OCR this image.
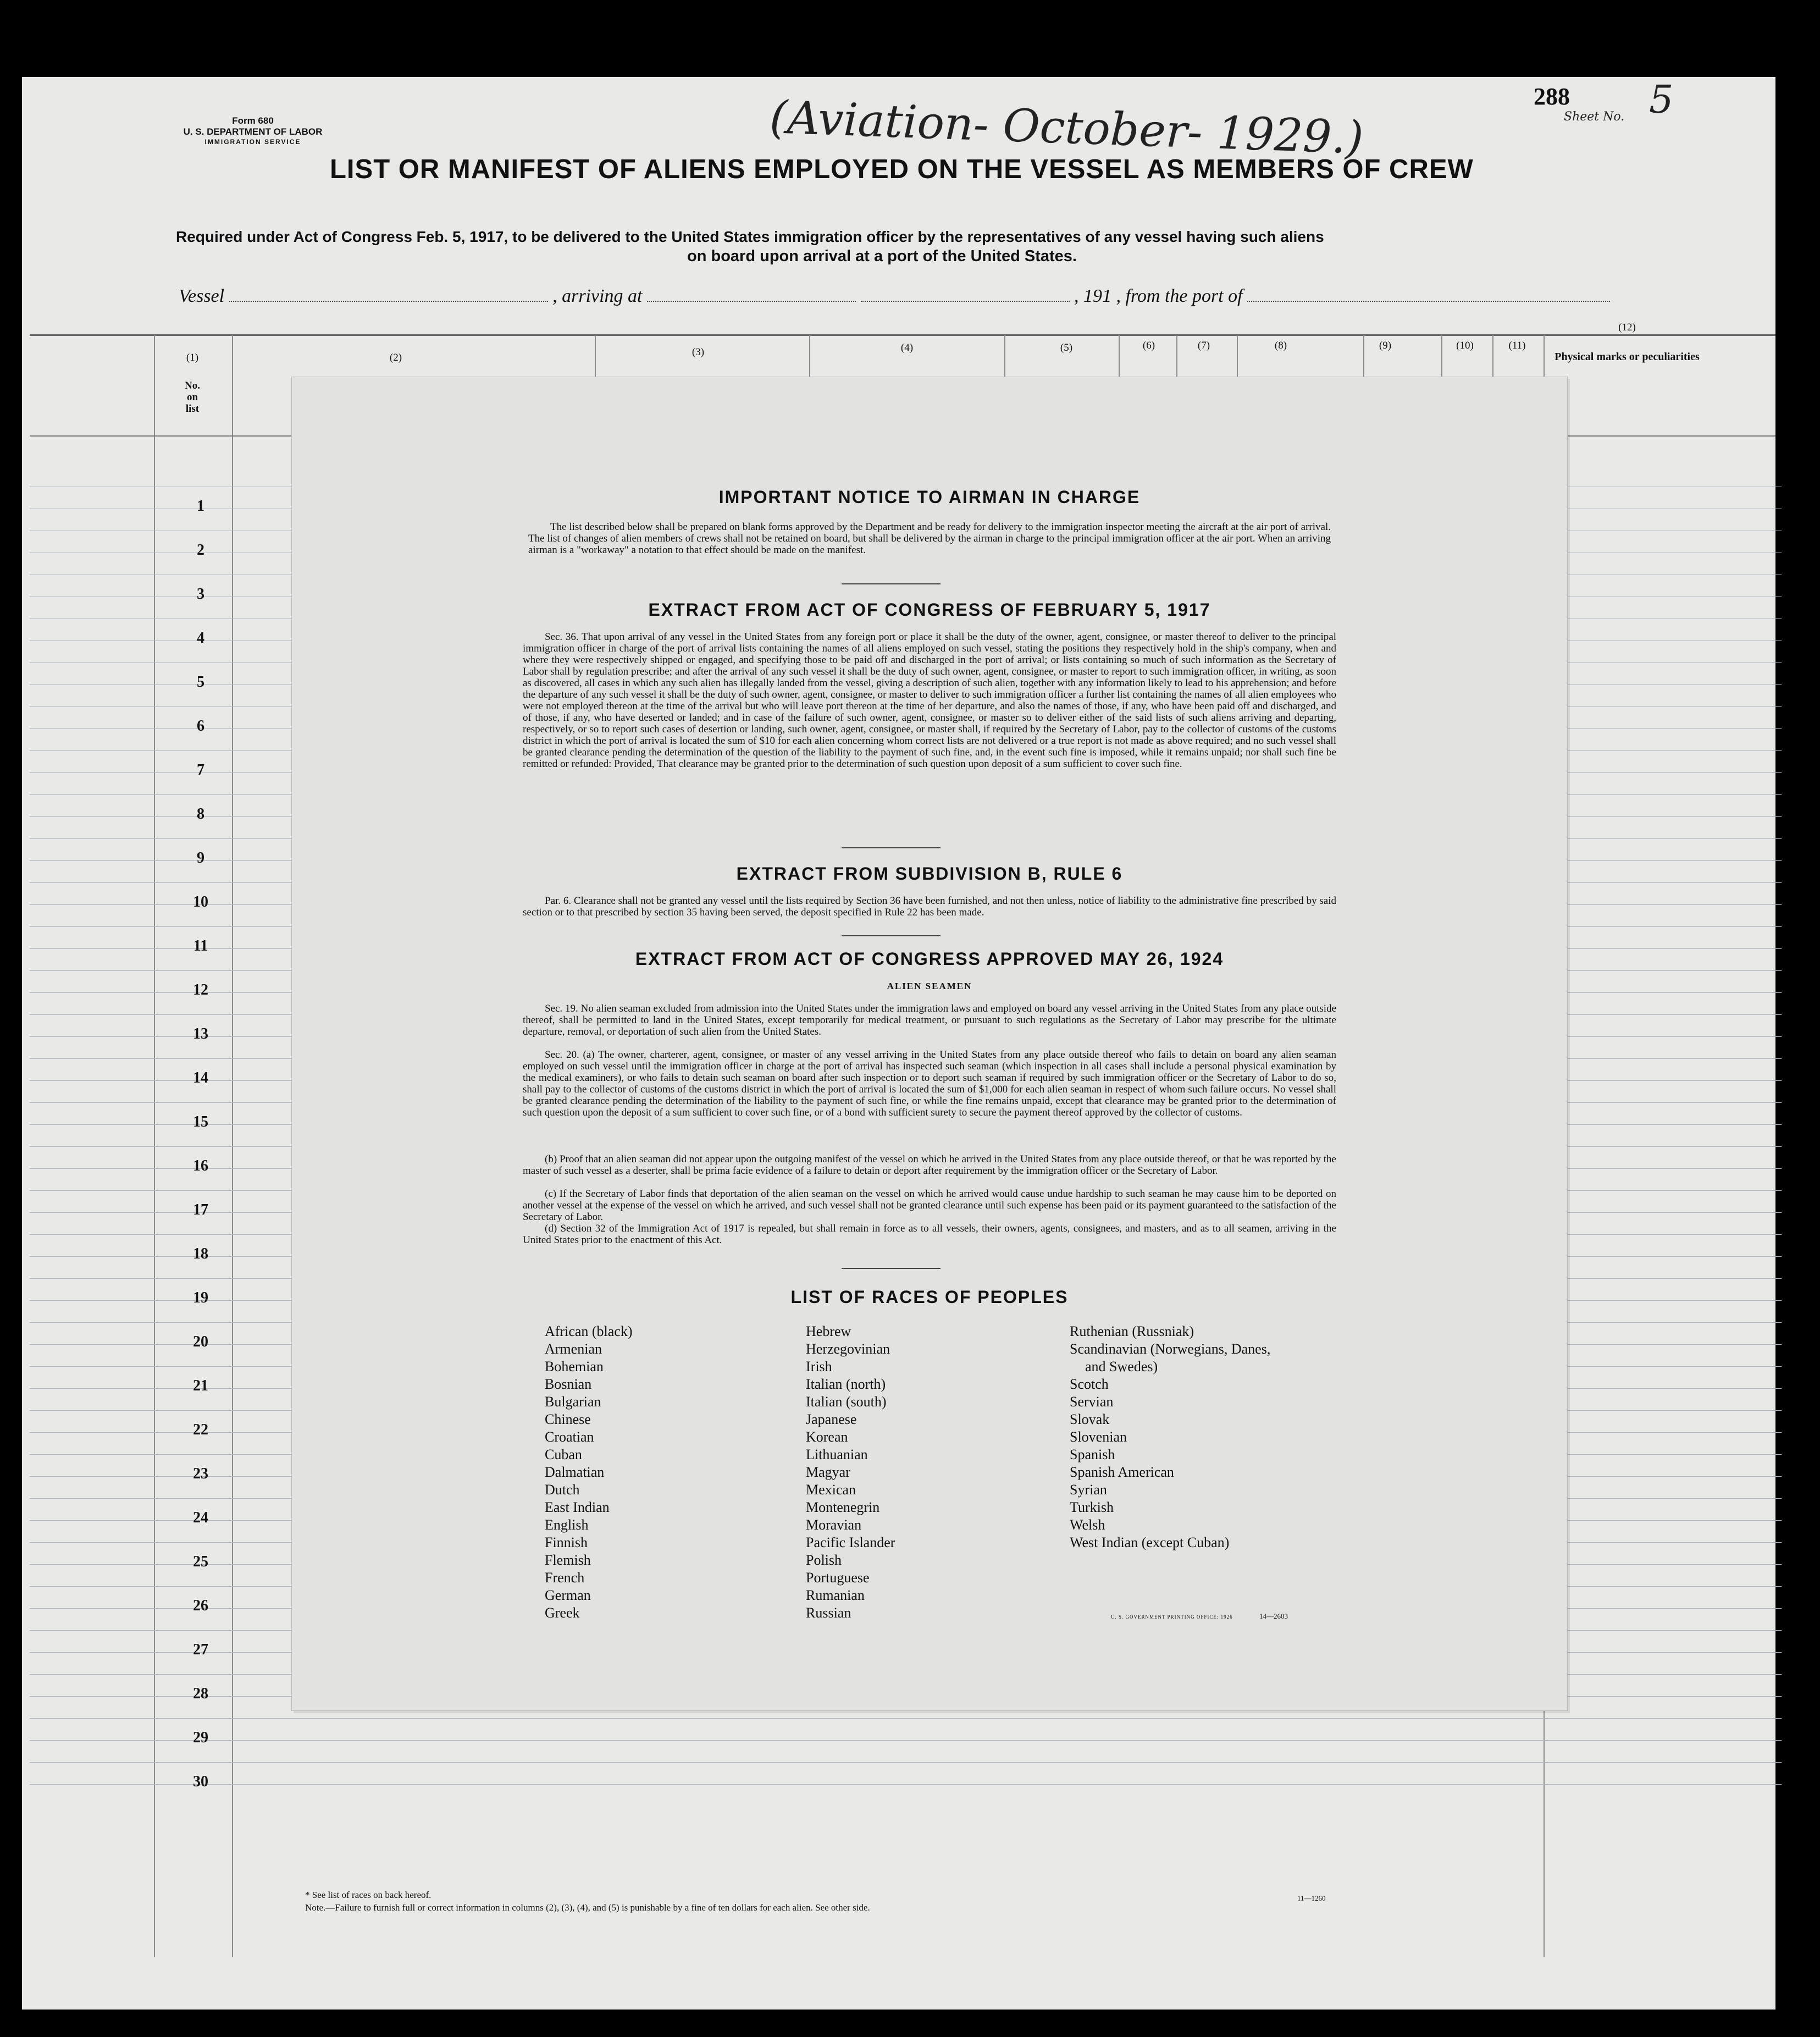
(Aviation- October- 1929.)	288
Sheet No. 5
Form 680
U. S. DEPARTMENT OF LABOR
IMMIGRATION SERVICE
LIST OR MANIFEST OF ALIENS EMPLOYED ON THE VESSEL AS MEMBERS OF CREW
Required under Act of Congress Feb. 5, 1917, to be delivered to the United States immigration officer by the representatives of any vessel having such aliens
on board upon arrival at a port of the United States.
Vessel	, arriving at	, 191 , from the port of
(1)
No. on list
(2)	(3)	(4)	(5)	(6)	(7)	(8)	(9)	(10)	(11)
(12)
Physical marks or peculiarities
1
2
3
4
5
6
7
8
9
10
11
12
13
14
15
16
17
18
19
20
21
22
23
24
25
26
27
28
29
30
IMPORTANT NOTICE TO AIRMAN IN CHARGE
The list described below shall be prepared on blank forms approved by the Department and be ready for delivery to the immigration inspector meeting the aircraft at the air port of arrival. The list of changes of alien members of crews shall not be retained on board, but shall be delivered by the airman in charge to the principal immigration officer at the air port. When an arriving airman is a "workaway" a notation to that effect should be made on the manifest.
EXTRACT FROM ACT OF CONGRESS OF FEBRUARY 5, 1917
Sec. 36. That upon arrival of any vessel in the United States from any foreign port or place it shall be the duty of the owner, agent, consignee, or master thereof to deliver to the principal immigration officer in charge of the port of arrival lists containing the names of all aliens employed on such vessel, stating the positions they respectively hold in the ship's company, when and where they were respectively shipped or engaged, and specifying those to be paid off and discharged in the port of arrival; or lists containing so much of such information as the Secretary of Labor shall by regulation prescribe; and after the arrival of any such vessel it shall be the duty of such owner, agent, consignee, or master to report to such immigration officer, in writing, as soon as discovered, all cases in which any such alien has illegally landed from the vessel, giving a description of such alien, together with any information likely to lead to his apprehension; and before the departure of any such vessel it shall be the duty of such owner, agent, consignee, or master to deliver to such immigration officer a further list containing the names of all alien employees who were not employed thereon at the time of the arrival but who will leave port thereon at the time of her departure, and also the names of those, if any, who have been paid off and discharged, and of those, if any, who have deserted or landed; and in case of the failure of such owner, agent, consignee, or master so to deliver either of the said lists of such aliens arriving and departing, respectively, or so to report such cases of desertion or landing, such owner, agent, consignee, or master shall, if required by the Secretary of Labor, pay to the collector of customs of the customs district in which the port of arrival is located the sum of $10 for each alien concerning whom correct lists are not delivered or a true report is not made as above required; and no such vessel shall be granted clearance pending the determination of the question of the liability to the payment of such fine, and, in the event such fine is imposed, while it remains unpaid; nor shall such fine be remitted or refunded: Provided, That clearance may be granted prior to the determination of such question upon deposit of a sum sufficient to cover such fine.
EXTRACT FROM SUBDIVISION B, RULE 6
Par. 6. Clearance shall not be granted any vessel until the lists required by Section 36 have been furnished, and not then unless, notice of liability to the administrative fine prescribed by said section or to that prescribed by section 35 having been served, the deposit specified in Rule 22 has been made.
EXTRACT FROM ACT OF CONGRESS APPROVED MAY 26, 1924
ALIEN SEAMEN
Sec. 19. No alien seaman excluded from admission into the United States under the immigration laws and employed on board any vessel arriving in the United States from any place outside thereof, shall be permitted to land in the United States, except temporarily for medical treatment, or pursuant to such regulations as the Secretary of Labor may prescribe for the ultimate departure, removal, or deportation of such alien from the United States.
Sec. 20. (a) The owner, charterer, agent, consignee, or master of any vessel arriving in the United States from any place outside thereof who fails to detain on board any alien seaman employed on such vessel until the immigration officer in charge at the port of arrival has inspected such seaman (which inspection in all cases shall include a personal physical examination by the medical examiners), or who fails to detain such seaman on board after such inspection or to deport such seaman if required by such immigration officer or the Secretary of Labor to do so, shall pay to the collector of customs of the customs district in which the port of arrival is located the sum of $1,000 for each alien seaman in respect of whom such failure occurs. No vessel shall be granted clearance pending the determination of the liability to the payment of such fine, or while the fine remains unpaid, except that clearance may be granted prior to the determination of such question upon the deposit of a sum sufficient to cover such fine, or of a bond with sufficient surety to secure the payment thereof approved by the collector of customs.
(b) Proof that an alien seaman did not appear upon the outgoing manifest of the vessel on which he arrived in the United States from any place outside thereof, or that he was reported by the master of such vessel as a deserter, shall be prima facie evidence of a failure to detain or deport after requirement by the immigration officer or the Secretary of Labor.
(c) If the Secretary of Labor finds that deportation of the alien seaman on the vessel on which he arrived would cause undue hardship to such seaman he may cause him to be deported on another vessel at the expense of the vessel on which he arrived, and such vessel shall not be granted clearance until such expense has been paid or its payment guaranteed to the satisfaction of the Secretary of Labor.
(d) Section 32 of the Immigration Act of 1917 is repealed, but shall remain in force as to all vessels, their owners, agents, consignees, and masters, and as to all seamen, arriving in the United States prior to the enactment of this Act.
LIST OF RACES OF PEOPLES
African (black)
Armenian
Bohemian
Bosnian
Bulgarian
Chinese
Croatian
Cuban
Dalmatian
Dutch
East Indian
English
Finnish
Flemish
French
German
Greek
Hebrew
Herzegovinian
Irish
Italian (north)
Italian (south)
Japanese
Korean
Lithuanian
Magyar
Mexican
Montenegrin
Moravian
Pacific Islander
Polish
Portuguese
Rumanian
Russian
Ruthenian (Russniak)
Scandinavian (Norwegians, Danes,
and Swedes)
Scotch
Servian
Slovak
Slovenian
Spanish
Spanish American
Syrian
Turkish
Welsh
West Indian (except Cuban)
U. S. GOVERNMENT PRINTING OFFICE: 1926	14—2603
* See list of races on back hereof.
Note.—Failure to furnish full or correct information in columns (2), (3), (4), and (5) is punishable by a fine of ten dollars for each alien. See other side.
11—1260
